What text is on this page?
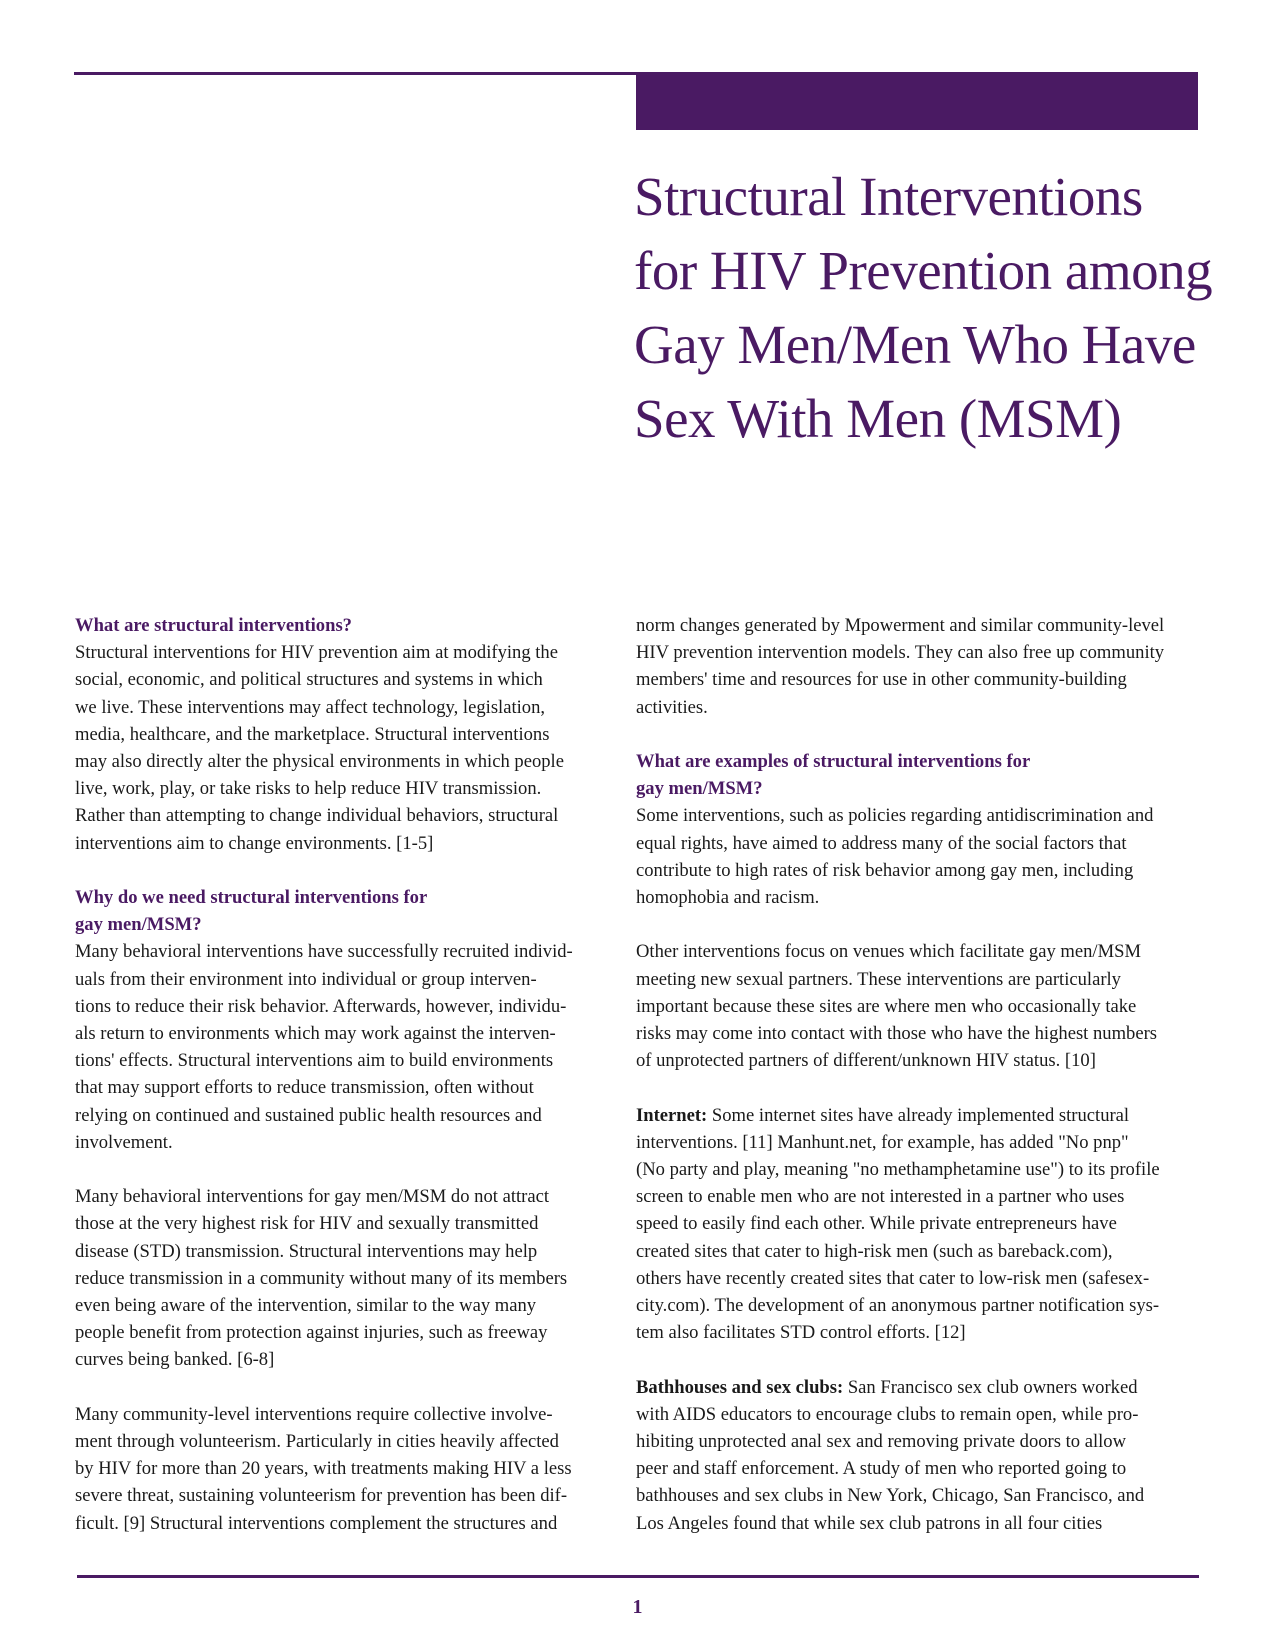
Structural Interventions
for HIV Prevention among
Gay Men/Men Who Have
Sex With Men (MSM)
What are structural interventions?

Structural interventions for HIV prevention aim at modifying the
social, economic, and political structures and systems in which
we live. These interventions may affect technology, legislation,
media, healthcare, and the marketplace. Structural interventions
may also directly alter the physical environments in which people
live, work, play, or take risks to help reduce HIV transmission.
Rather than attempting to change individual behaviors, structural
interventions aim to change environments. [1-5]

Why do we need structural interventions for
gay men/MSM?

Many behavioral interventions have successfully recruited individ-
uals from their environment into individual or group interven-
tions to reduce their risk behavior. Afterwards, however, individu-
als return to environments which may work against the interven-
tions' effects. Structural interventions aim to build environments
that may support efforts to reduce transmission, often without
relying on continued and sustained public health resources and
involvement.

Many behavioral interventions for gay men/MSM do not attract
those at the very highest risk for HIV and sexually transmitted
disease (STD) transmission. Structural interventions may help
reduce transmission in a community without many of its members
even being aware of the intervention, similar to the way many
people benefit from protection against injuries, such as freeway
curves being banked. [6-8]

Many community-level interventions require collective involve-
ment through volunteerism. Particularly in cities heavily affected
by HIV for more than 20 years, with treatments making HIV a less
severe threat, sustaining volunteerism for prevention has been dif-
ficult. [9] Structural interventions complement the structures and

norm changes generated by Mpowerment and similar community-level
HIV prevention intervention models. They can also free up community
members' time and resources for use in other community-building
activities.

What are examples of structural interventions for
gay men/MSM?

Some interventions, such as policies regarding antidiscrimination and
equal rights, have aimed to address many of the social factors that
contribute to high rates of risk behavior among gay men, including
homophobia and racism.

Other interventions focus on venues which facilitate gay men/MSM
meeting new sexual partners. These interventions are particularly
important because these sites are where men who occasionally take
risks may come into contact with those who have the highest numbers
of unprotected partners of different/unknown HIV status. [10]

Internet: Some internet sites have already implemented structural
interventions. [11] Manhunt.net, for example, has added "No pnp"
(No party and play, meaning "no methamphetamine use") to its profile
screen to enable men who are not interested in a partner who uses
speed to easily find each other. While private entrepreneurs have
created sites that cater to high-risk men (such as bareback.com),
others have recently created sites that cater to low-risk men (safesex-
city.com). The development of an anonymous partner notification sys-
tem also facilitates STD control efforts. [12]

Bathhouses and sex clubs: San Francisco sex club owners worked
with AIDS educators to encourage clubs to remain open, while pro-
hibiting unprotected anal sex and removing private doors to allow
peer and staff enforcement. A study of men who reported going to
bathhouses and sex clubs in New York, Chicago, San Francisco, and
Los Angeles found that while sex club patrons in all four cities

1
